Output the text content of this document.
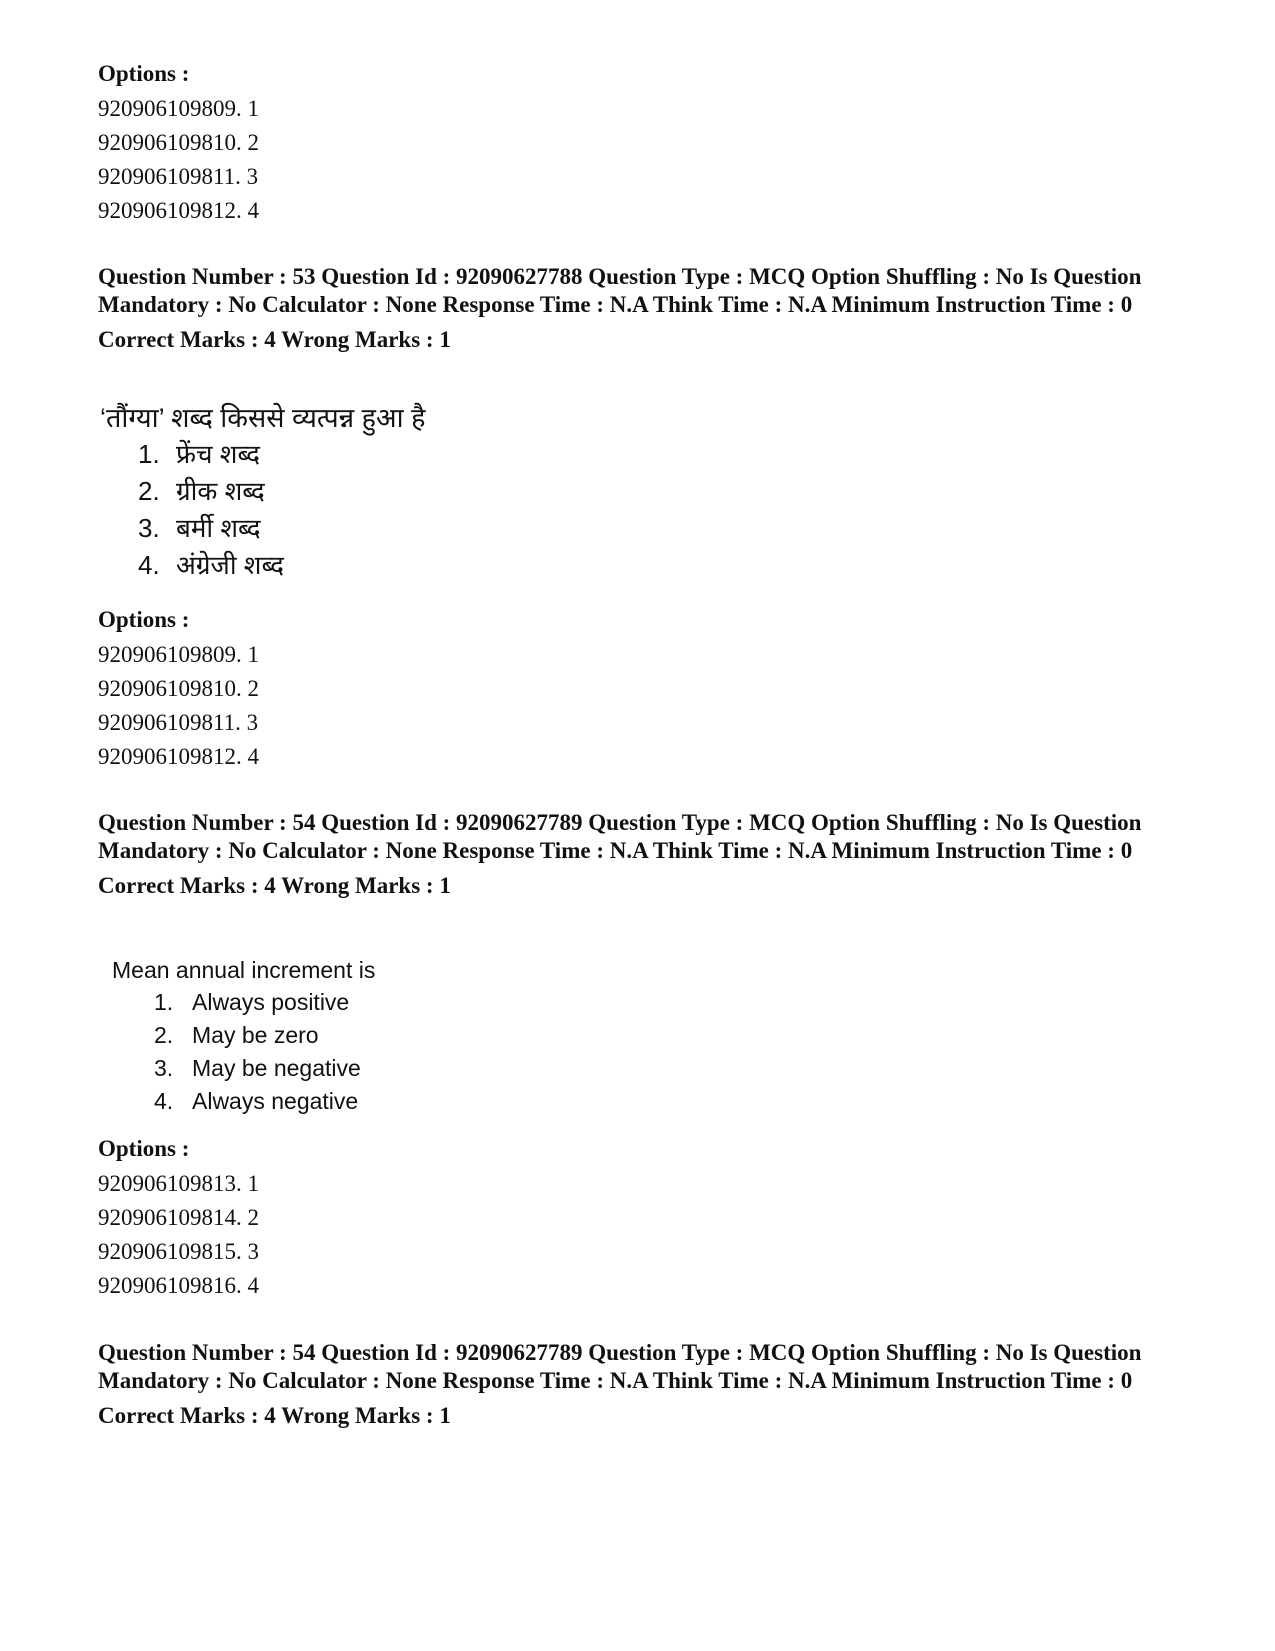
Options :

920906109809. 1

920906109810. 2

920906109811. 3

920906109812. 4

Question Number : 53 Question Id : 92090627788 Question Type : MCQ Option Shuffling : No Is Question Mandatory : No Calculator : None Response Time : N.A Think Time : N.A Minimum Instruction Time : 0

Correct Marks : 4 Wrong Marks : 1

‘तौंग्या’ शब्द किससे व्यत्पन्न हुआ है

1. फ्रेंच शब्द
2. ग्रीक शब्द
3. बर्मी शब्द
4. अंग्रेजी शब्द

Options :

920906109809. 1

920906109810. 2

920906109811. 3

920906109812. 4

Question Number : 54 Question Id : 92090627789 Question Type : MCQ Option Shuffling : No Is Question Mandatory : No Calculator : None Response Time : N.A Think Time : N.A Minimum Instruction Time : 0

Correct Marks : 4 Wrong Marks : 1

Mean annual increment is

1. Always positive
2. May be zero
3. May be negative
4. Always negative

Options :

920906109813. 1

920906109814. 2

920906109815. 3

920906109816. 4

Question Number : 54 Question Id : 92090627789 Question Type : MCQ Option Shuffling : No Is Question Mandatory : No Calculator : None Response Time : N.A Think Time : N.A Minimum Instruction Time : 0

Correct Marks : 4 Wrong Marks : 1
